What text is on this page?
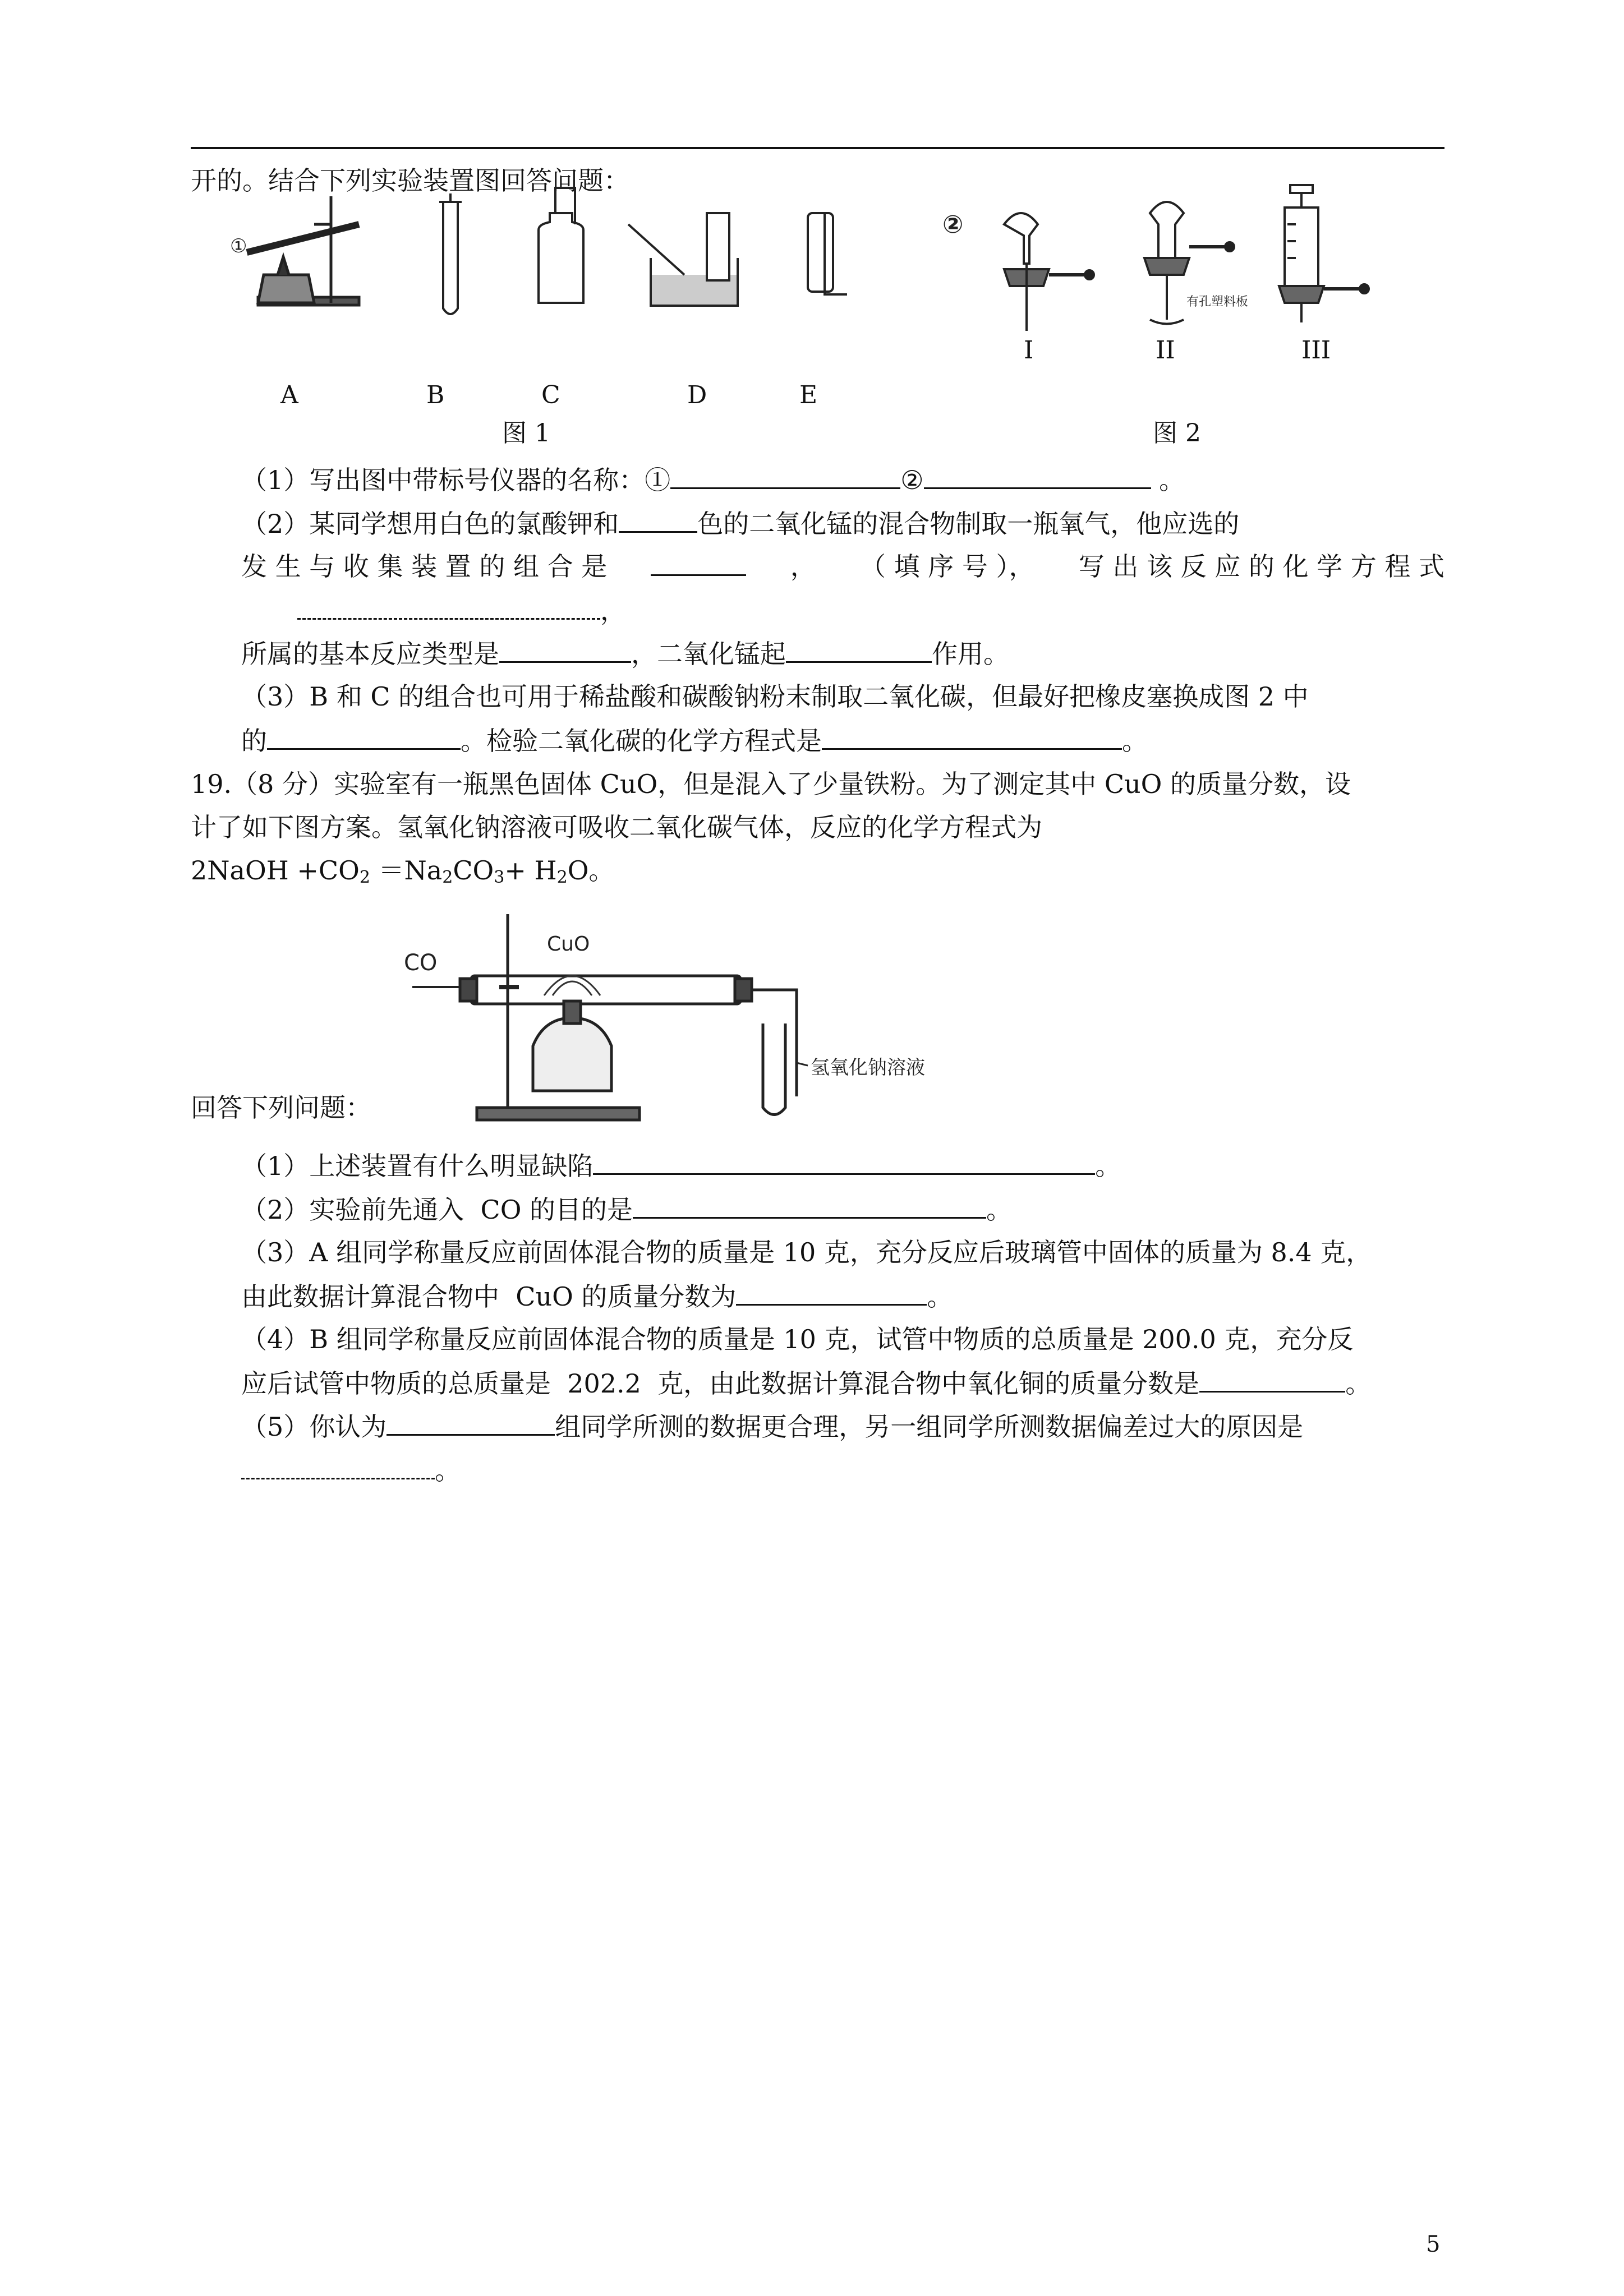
开的。结合下列实验装置图回答问题：
①
A	B	C	D	E
图 1
②
有孔塑料板
I	II	III
图 2
（1）写出图中带标号仪器的名称：①	②	。
（2）某同学想用白色的氯酸钾和	色的二氧化锰的混合物制取一瓶氧气，他应选的
发 生 与 收 集 装 置 的 组 合 是	， （ 填 序 号 ）， 写 出 该 反 应 的 化 学 方 程 式
，
所属的基本反应类型是	，二氧化锰起	作用。
（3）B 和 C 的组合也可用于稀盐酸和碳酸钠粉末制取二氧化碳，但最好把橡皮塞换成图 2 中
的	。检验二氧化碳的化学方程式是	。
19.（8 分）实验室有一瓶黑色固体 CuO，但是混入了少量铁粉。为了测定其中 CuO 的质量分数，设
计了如下图方案。氢氧化钠溶液可吸收二氧化碳气体，反应的化学方程式为
2NaOH $+CO_2 =Na_2CO_3+ H_2O$。
CO
CuO
氢氧化钠溶液
回答下列问题：
（1）上述装置有什么明显缺陷	。
（2）实验前先通入  CO 的目的是	。
（3）A 组同学称量反应前固体混合物的质量是 10 克，充分反应后玻璃管中固体的质量为 8.4 克，
由此数据计算混合物中  CuO 的质量分数为	。
（4）B 组同学称量反应前固体混合物的质量是 10 克，试管中物质的总质量是 200.0 克，充分反
应后试管中物质的总质量是  202.2  克，由此数据计算混合物中氧化铜的质量分数是	。
（5）你认为	组同学所测的数据更合理，另一组同学所测数据偏差过大的原因是
。
5
